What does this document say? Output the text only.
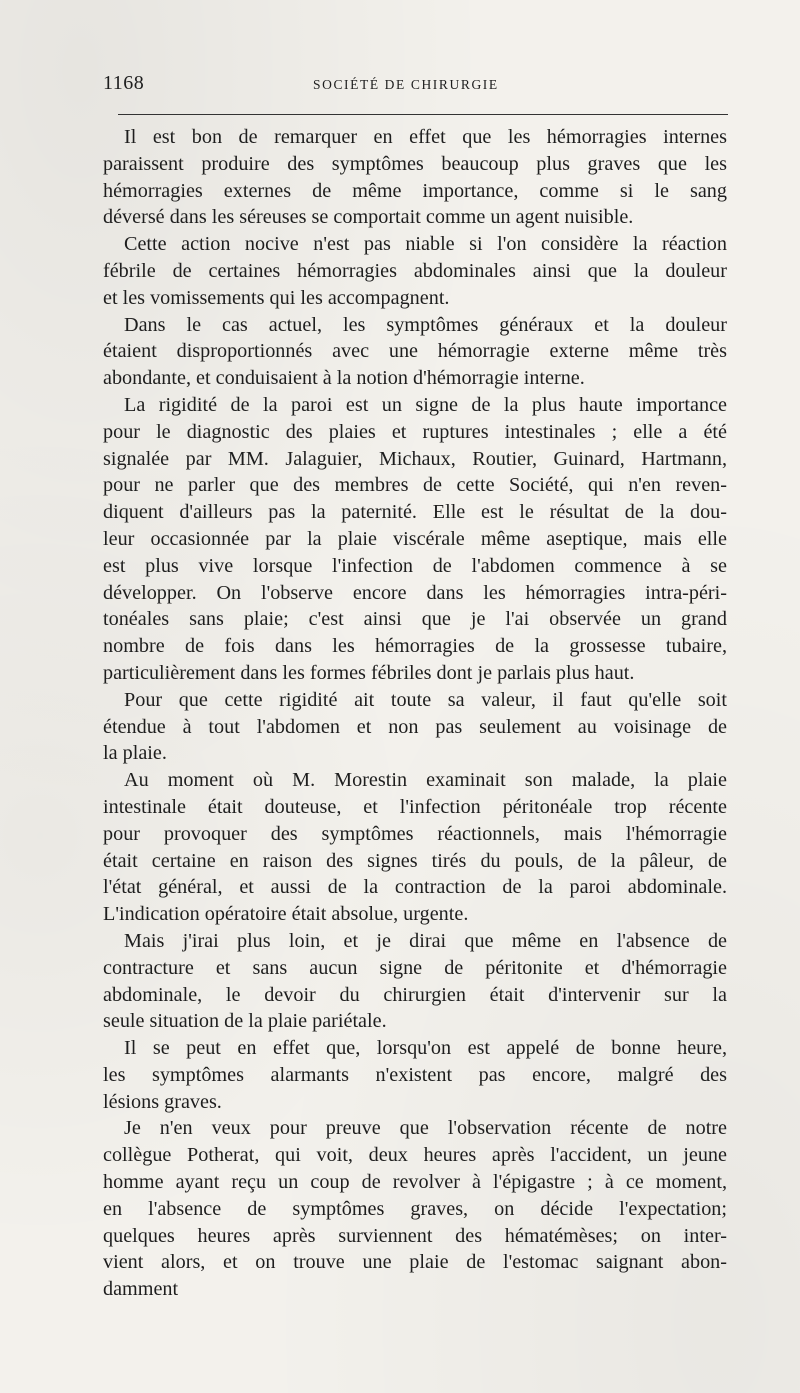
1168	SOCIÉTÉ DE CHIRURGIE
Il est bon de remarquer en effet que les hémorragies internes
paraissent produire des symptômes beaucoup plus graves que les
hémorragies externes de même importance, comme si le sang
déversé dans les séreuses se comportait comme un agent nuisible.
Cette action nocive n'est pas niable si l'on considère la réaction
fébrile de certaines hémorragies abdominales ainsi que la douleur
et les vomissements qui les accompagnent.
Dans le cas actuel, les symptômes généraux et la douleur
étaient disproportionnés avec une hémorragie externe même très
abondante, et conduisaient à la notion d'hémorragie interne.
La rigidité de la paroi est un signe de la plus haute importance
pour le diagnostic des plaies et ruptures intestinales ; elle a été
signalée par MM. Jalaguier, Michaux, Routier, Guinard, Hartmann,
pour ne parler que des membres de cette Société, qui n'en reven-
diquent d'ailleurs pas la paternité. Elle est le résultat de la dou-
leur occasionnée par la plaie viscérale même aseptique, mais elle
est plus vive lorsque l'infection de l'abdomen commence à se
développer. On l'observe encore dans les hémorragies intra-péri-
tonéales sans plaie; c'est ainsi que je l'ai observée un grand
nombre de fois dans les hémorragies de la grossesse tubaire,
particulièrement dans les formes fébriles dont je parlais plus haut.
Pour que cette rigidité ait toute sa valeur, il faut qu'elle soit
étendue à tout l'abdomen et non pas seulement au voisinage de
la plaie.
Au moment où M. Morestin examinait son malade, la plaie
intestinale était douteuse, et l'infection péritonéale trop récente
pour provoquer des symptômes réactionnels, mais l'hémorragie
était certaine en raison des signes tirés du pouls, de la pâleur, de
l'état général, et aussi de la contraction de la paroi abdominale.
L'indication opératoire était absolue, urgente.
Mais j'irai plus loin, et je dirai que même en l'absence de
contracture et sans aucun signe de péritonite et d'hémorragie
abdominale, le devoir du chirurgien était d'intervenir sur la
seule situation de la plaie pariétale.
Il se peut en effet que, lorsqu'on est appelé de bonne heure,
les symptômes alarmants n'existent pas encore, malgré des
lésions graves.
Je n'en veux pour preuve que l'observation récente de notre
collègue Potherat, qui voit, deux heures après l'accident, un jeune
homme ayant reçu un coup de revolver à l'épigastre ; à ce moment,
en l'absence de symptômes graves, on décide l'expectation;
quelques heures après surviennent des hématémèses; on inter-
vient alors, et on trouve une plaie de l'estomac saignant abon-
damment
